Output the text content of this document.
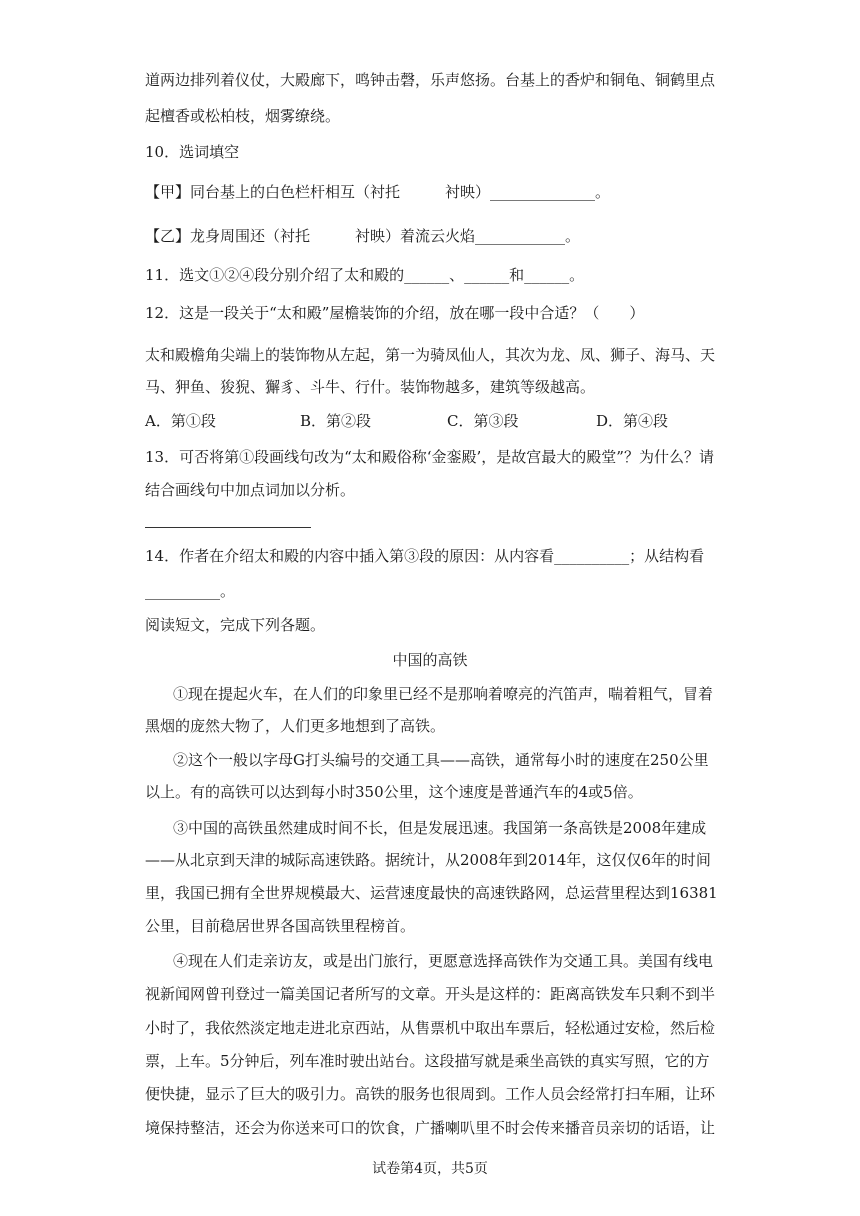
道两边排列着仪仗，大殿廊下，鸣钟击磬，乐声悠扬。台基上的香炉和铜龟、铜鹤里点
起檀香或松柏枝，烟雾缭绕。
10．选词填空
【甲】同台基上的白色栏杆相互（衬托　　　衬映）______________。
【乙】龙身周围还（衬托　　　衬映）着流云火焰____________。
11．选文①②④段分别介绍了太和殿的______、______和______。
12．这是一段关于“太和殿”屋檐装饰的介绍，放在哪一段中合适？（　　）
太和殿檐角尖端上的装饰物从左起，第一为骑凤仙人，其次为龙、凤、狮子、海马、天
马、狎鱼、狻猊、獬豸、斗牛、行什。装饰物越多，建筑等级越高。
A．第①段	B．第②段	C．第③段	D．第④段
13．可否将第①段画线句改为“太和殿俗称‘金銮殿’，是故宫最大的殿堂”？为什么？请
结合画线句中加点词加以分析。
14．作者在介绍太和殿的内容中插入第③段的原因：从内容看__________；从结构看
__________。
阅读短文，完成下列各题。
中国的高铁
①现在提起火车，在人们的印象里已经不是那响着嘹亮的汽笛声，喘着粗气，冒着
黑烟的庞然大物了，人们更多地想到了高铁。
②这个一般以字母G打头编号的交通工具——高铁，通常每小时的速度在250公里
以上。有的高铁可以达到每小时350公里，这个速度是普通汽车的4或5倍。
③中国的高铁虽然建成时间不长，但是发展迅速。我国第一条高铁是2008年建成
——从北京到天津的城际高速铁路。据统计，从2008年到2014年，这仅仅6年的时间
里，我国已拥有全世界规模最大、运营速度最快的高速铁路网，总运营里程达到16381
公里，目前稳居世界各国高铁里程榜首。
④现在人们走亲访友，或是出门旅行，更愿意选择高铁作为交通工具。美国有线电
视新闻网曾刊登过一篇美国记者所写的文章。开头是这样的：距离高铁发车只剩不到半
小时了，我依然淡定地走进北京西站，从售票机中取出车票后，轻松通过安检，然后检
票，上车。5分钟后，列车准时驶出站台。这段描写就是乘坐高铁的真实写照，它的方
便快捷，显示了巨大的吸引力。高铁的服务也很周到。工作人员会经常打扫车厢，让环
境保持整洁，还会为你送来可口的饮食，广播喇叭里不时会传来播音员亲切的话语，让
试卷第4页，共5页
